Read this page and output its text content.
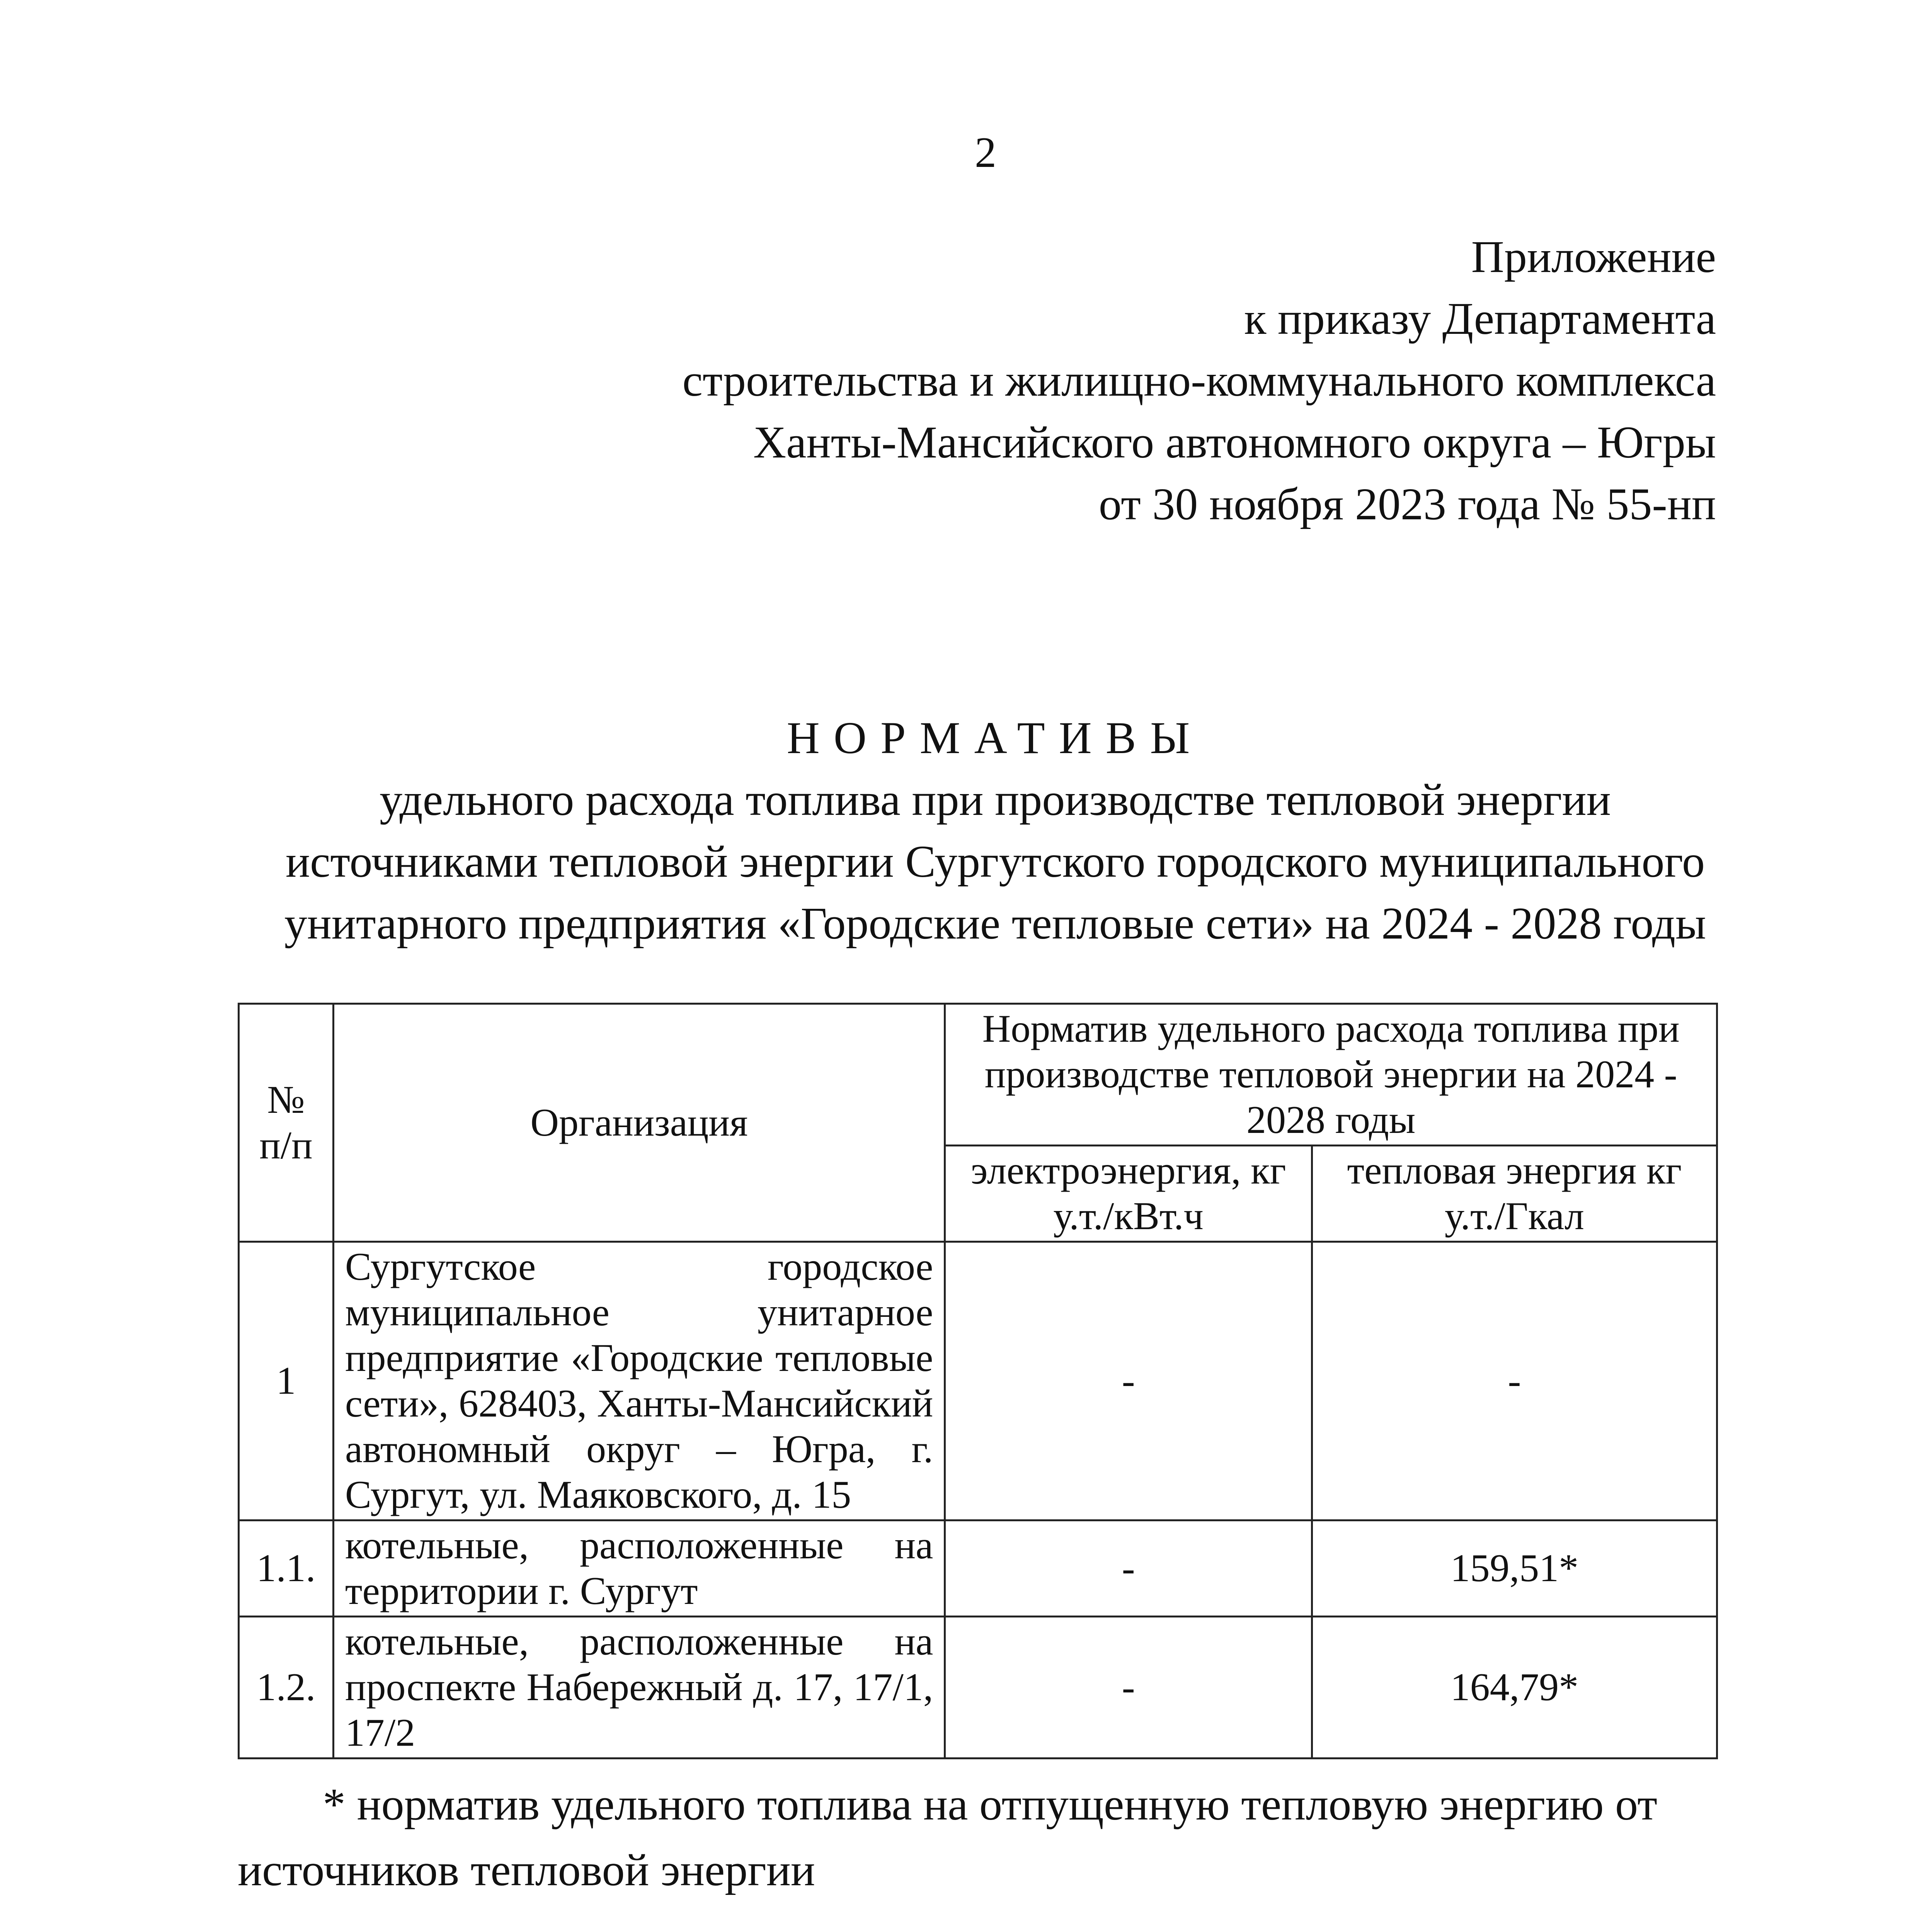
2
Приложение
к приказу Департамента
строительства и жилищно-коммунального комплекса
Ханты-Мансийского автономного округа – Югры
от 30 ноября 2023 года № 55-нп
НОРМАТИВЫ
удельного расхода топлива при производстве тепловой энергии
источниками тепловой энергии Сургутского городского муниципального
унитарного предприятия «Городские тепловые сети» на 2024 - 2028 годы
№ п/п	Организация	Норматив удельного расхода топлива при производстве тепловой энергии на 2024 - 2028 годы	
		электроэнергия, кг у.т./кВт.ч	тепловая энергия кг у.т./Гкал
1	Сургутское городское муниципальное унитарное предприятие «Городские тепловые сети», 628403, Ханты-Мансийский автономный округ – Югра, г. Сургут, ул. Маяковского, д. 15	-	-
1.1.	котельные, расположенные на территории г. Сургут	-	159,51*
1.2.	котельные, расположенные на проспекте Набережный д. 17, 17/1, 17/2	-	164,79*
* норматив удельного топлива на отпущенную тепловую энергию от источников тепловой энергии
